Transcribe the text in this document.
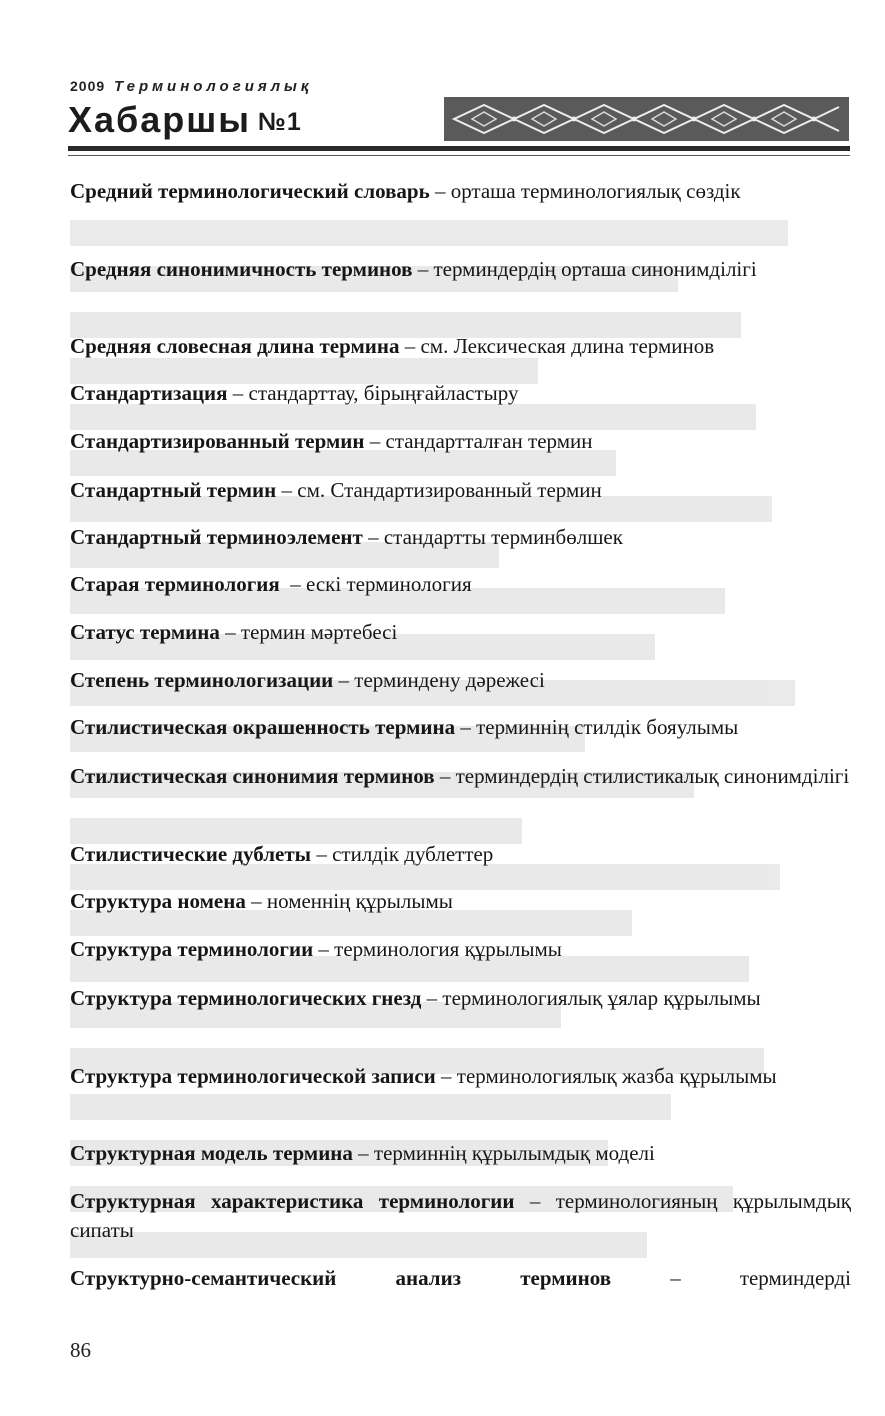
2009 Терминологиялық
Хабаршы №1
Средний терминологический словарь – орташа терминологиялық сөздік
Средняя синонимичность терминов – терминдердің орташа синонимділігі
Средняя словесная длина термина – см. Лексическая длина терминов
Стандартизация – стандарттау, бірыңғайластыру
Стандартизированный термин – стандартталған термин
Стандартный термин – см. Стандартизированный термин
Стандартный терминоэлемент – стандартты терминбөлшек
Старая терминология – ескі терминология
Статус термина – термин мәртебесі
Степень терминологизации – терминдену дәрежесі
Стилистическая окрашенность термина – терминнің стилдік бояулымы
Стилистическая синонимия терминов – терминдердің стилистикалық синонимділігі
Стилистические дублеты – стилдік дублеттер
Структура номена – номеннің құрылымы
Структура терминологии – терминология құрылымы
Структура терминологических гнезд – терминологиялық ұялар құрылымы
Структура терминологической записи – терминологиялық жазба құрылымы
Структурная модель термина – терминнің құрылымдық моделі
Структурная характеристика терминологии – терминологияның құрылымдық сипаты
Структурно-семантический анализ терминов	–	терминдерді
86
